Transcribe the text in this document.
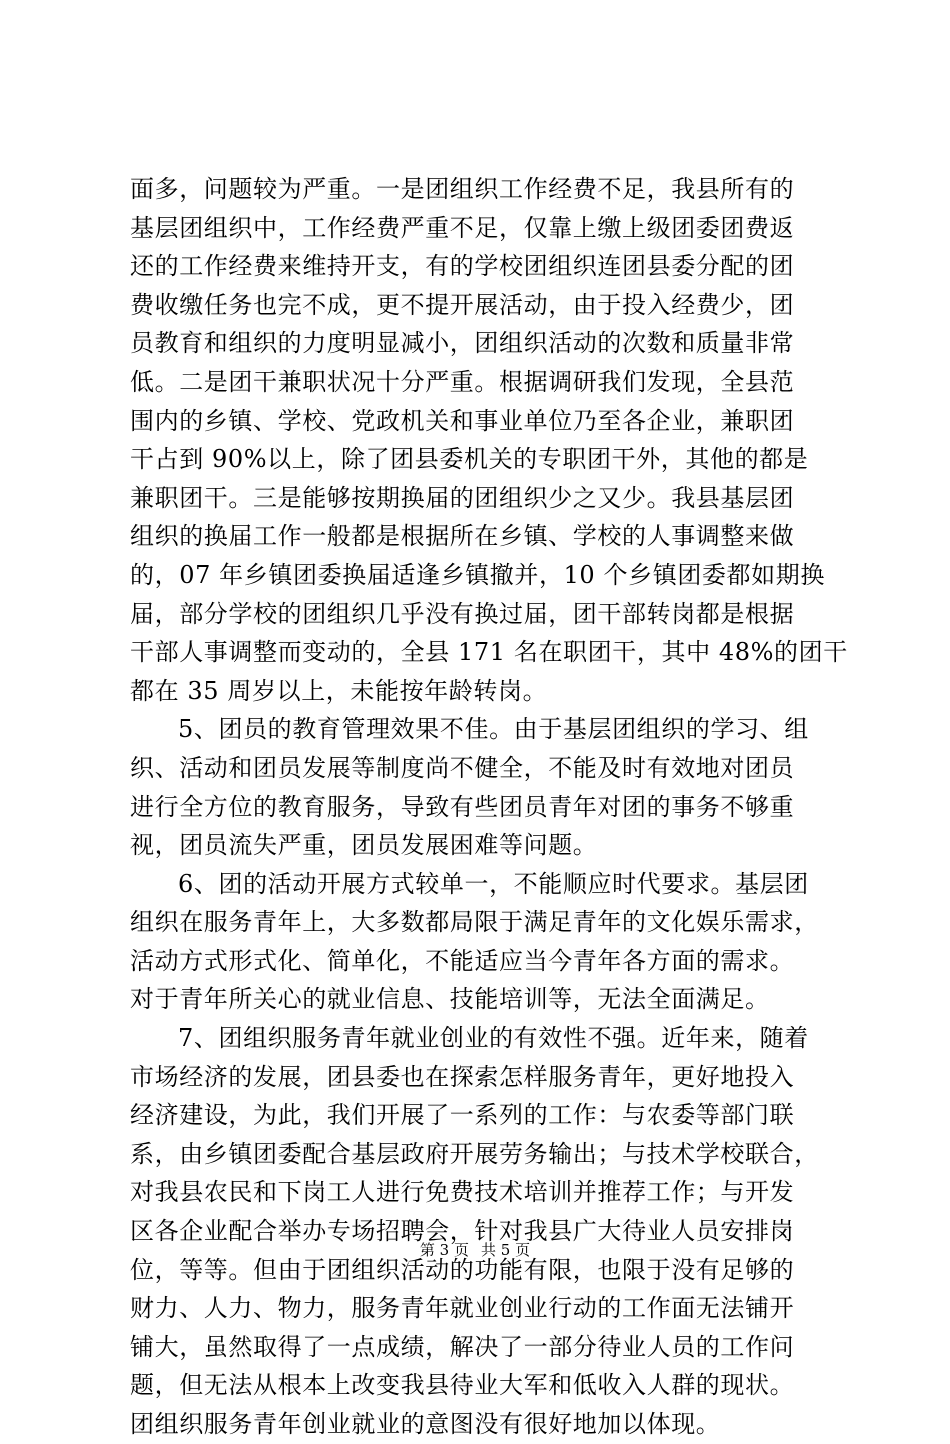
面多，问题较为严重。一是团组织工作经费不足，我县所有的
基层团组织中，工作经费严重不足，仅靠上缴上级团委团费返
还的工作经费来维持开支，有的学校团组织连团县委分配的团
费收缴任务也完不成，更不提开展活动，由于投入经费少，团
员教育和组织的力度明显减小，团组织活动的次数和质量非常
低。二是团干兼职状况十分严重。根据调研我们发现，全县范
围内的乡镇、学校、党政机关和事业单位乃至各企业，兼职团
干占到 90%以上，除了团县委机关的专职团干外，其他的都是
兼职团干。三是能够按期换届的团组织少之又少。我县基层团
组织的换届工作一般都是根据所在乡镇、学校的人事调整来做
的，07 年乡镇团委换届适逢乡镇撤并，10 个乡镇团委都如期换
届，部分学校的团组织几乎没有换过届，团干部转岗都是根据
干部人事调整而变动的，全县 171 名在职团干，其中 48%的团干
都在 35 周岁以上，未能按年龄转岗。
5、团员的教育管理效果不佳。由于基层团组织的学习、组
织、活动和团员发展等制度尚不健全，不能及时有效地对团员
进行全方位的教育服务，导致有些团员青年对团的事务不够重
视，团员流失严重，团员发展困难等问题。
6、团的活动开展方式较单一，不能顺应时代要求。基层团
组织在服务青年上，大多数都局限于满足青年的文化娱乐需求，
活动方式形式化、简单化，不能适应当今青年各方面的需求。
对于青年所关心的就业信息、技能培训等，无法全面满足。
7、团组织服务青年就业创业的有效性不强。近年来，随着
市场经济的发展，团县委也在探索怎样服务青年，更好地投入
经济建设，为此，我们开展了一系列的工作：与农委等部门联
系，由乡镇团委配合基层政府开展劳务输出；与技术学校联合，
对我县农民和下岗工人进行免费技术培训并推荐工作；与开发
区各企业配合举办专场招聘会，针对我县广大待业人员安排岗
位，等等。但由于团组织活动的功能有限，也限于没有足够的
财力、人力、物力，服务青年就业创业行动的工作面无法铺开
铺大，虽然取得了一点成绩，解决了一部分待业人员的工作问
题，但无法从根本上改变我县待业大军和低收入人群的现状。
团组织服务青年创业就业的意图没有很好地加以体现。
第 3 页 共 5 页
